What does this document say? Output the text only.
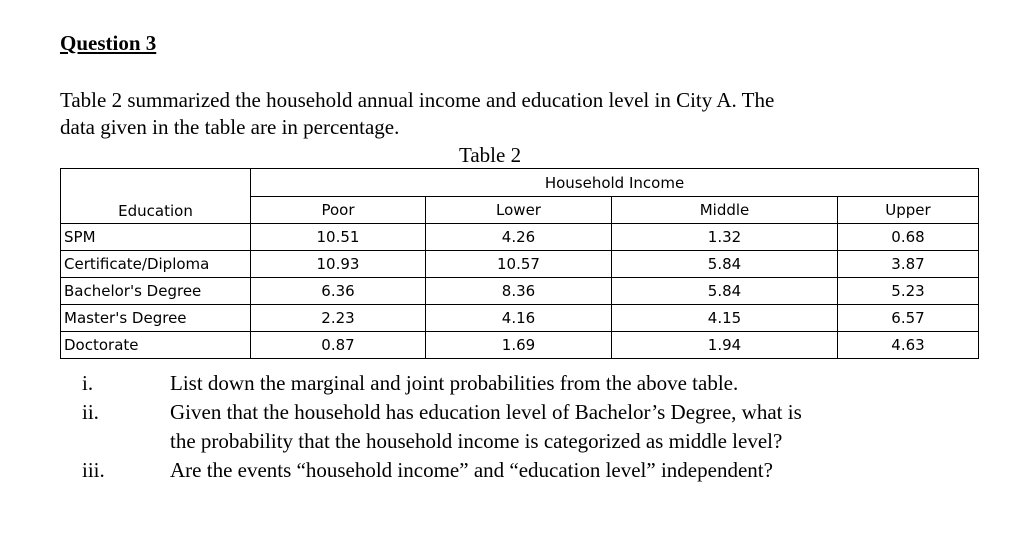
Question 3
Table 2 summarized the household annual income and education level in City A. The
data given in the table are in percentage.
Table 2
Education	Household Income			
	Poor	Lower	Middle	Upper
SPM	10.51	4.26	1.32	0.68
Certificate/Diploma	10.93	10.57	5.84	3.87
Bachelor's Degree	6.36	8.36	5.84	5.23
Master's Degree	2.23	4.16	4.15	6.57
Doctorate	0.87	1.69	1.94	4.63
i.	List down the marginal and joint probabilities from the above table.
ii.	Given that the household has education level of Bachelor’s Degree, what is
the probability that the household income is categorized as middle level?
iii.	Are the events “household income” and “education level” independent?
